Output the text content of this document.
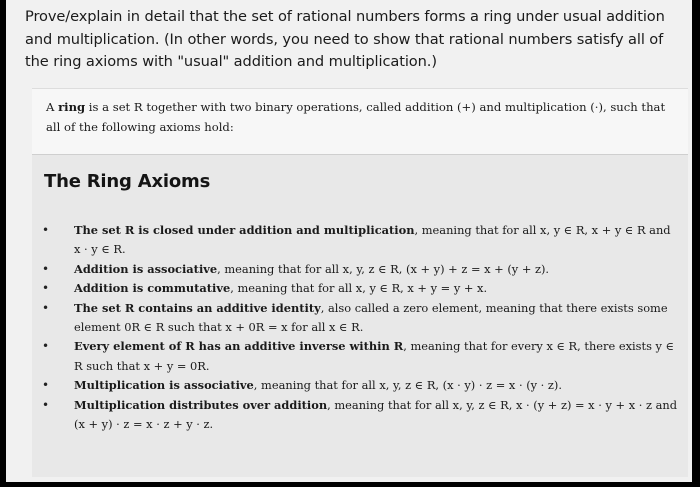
Prove/explain in detail that the set of rational numbers forms a ring under usual addition and multiplication. (In other words, you need to show that rational numbers satisfy all of the ring axioms with "usual" addition and multiplication.)
A ring is a set R together with two binary operations, called addition (+) and multiplication (·), such that all of the following axioms hold:
The Ring Axioms
• The set R is closed under addition and multiplication, meaning that for all x, y ∈ R, x + y ∈ R and x · y ∈ R.
• Addition is associative, meaning that for all x, y, z ∈ R, (x + y) + z = x + (y + z).
• Addition is commutative, meaning that for all x, y ∈ R, x + y = y + x.
• The set R contains an additive identity, also called a zero element, meaning that there exists some element 0R ∈ R such that x + 0R = x for all x ∈ R.
• Every element of R has an additive inverse within R, meaning that for every x ∈ R, there exists y ∈ R such that x + y = 0R.
• Multiplication is associative, meaning that for all x, y, z ∈ R, (x · y) · z = x · (y · z).
• Multiplication distributes over addition, meaning that for all x, y, z ∈ R, x · (y + z) = x · y + x · z and (x + y) · z = x · z + y · z.
